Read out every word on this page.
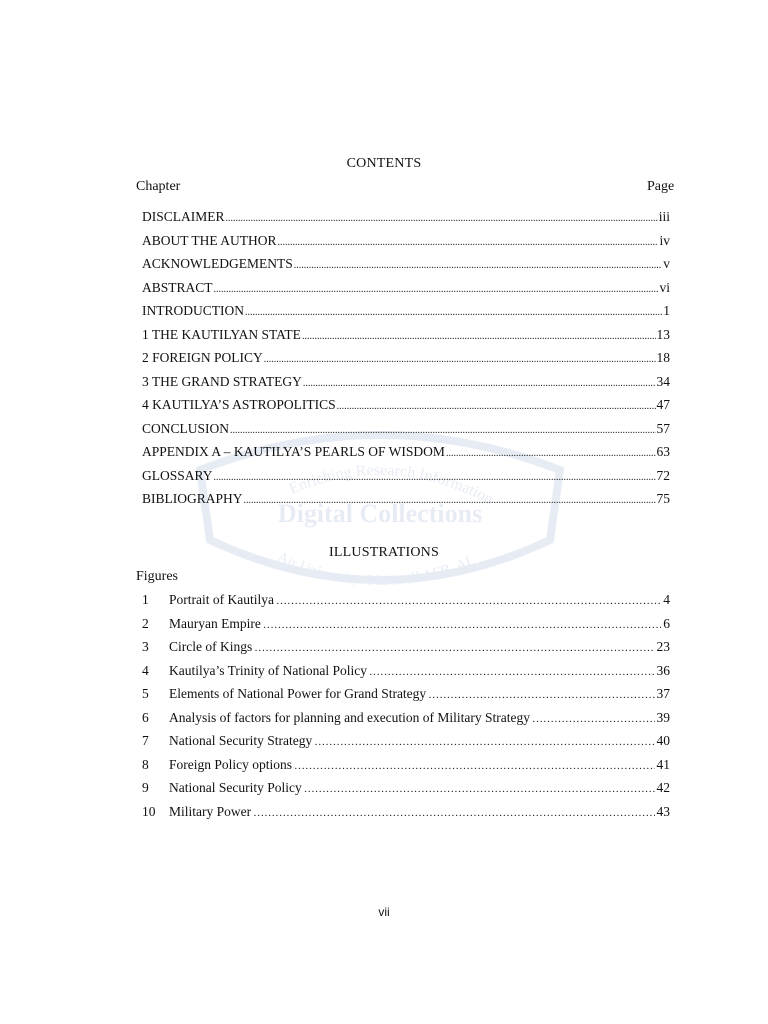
Enriching Research Information
Digital Collections
Air University–Maxwell AFB, AL
CONTENTS
Chapter	Page
DISCLAIMER .....	iii
ABOUT THE AUTHOR .....	iv
ACKNOWLEDGEMENTS .....	v
ABSTRACT .....	vi
INTRODUCTION .....	1
1 THE KAUTILYAN STATE .....	13
2 FOREIGN POLICY .....	18
3 THE GRAND STRATEGY .....	34
4 KAUTILYA’S ASTROPOLITICS .....	47
CONCLUSION .....	57
APPENDIX A – KAUTILYA’S PEARLS OF WISDOM .....	63
GLOSSARY .....	72
BIBLIOGRAPHY .....	75
ILLUSTRATIONS
Figures
1	Portrait of Kautilya …………………………………………………………………………………………………………………………………………………………………………	4
2	Mauryan Empire …………………………………………………………………………………………………………………………………………………………………………	6
3	Circle of Kings …………………………………………………………………………………………………………………………………………………………………………	23
4	Kautilya’s Trinity of National Policy …………………………………………………………………………………………………………………………………………………………………………	36
5	Elements of National Power for Grand Strategy …………………………………………………………………………………………………………………………………………………………………………	37
6	Analysis of factors for planning and execution of Military Strategy …………………………………………………………………………………………………………………………………………………………………………	39
7	National Security Strategy …………………………………………………………………………………………………………………………………………………………………………	40
8	Foreign Policy options …………………………………………………………………………………………………………………………………………………………………………	41
9	National Security Policy …………………………………………………………………………………………………………………………………………………………………………	42
10	Military Power …………………………………………………………………………………………………………………………………………………………………………	43
vii
